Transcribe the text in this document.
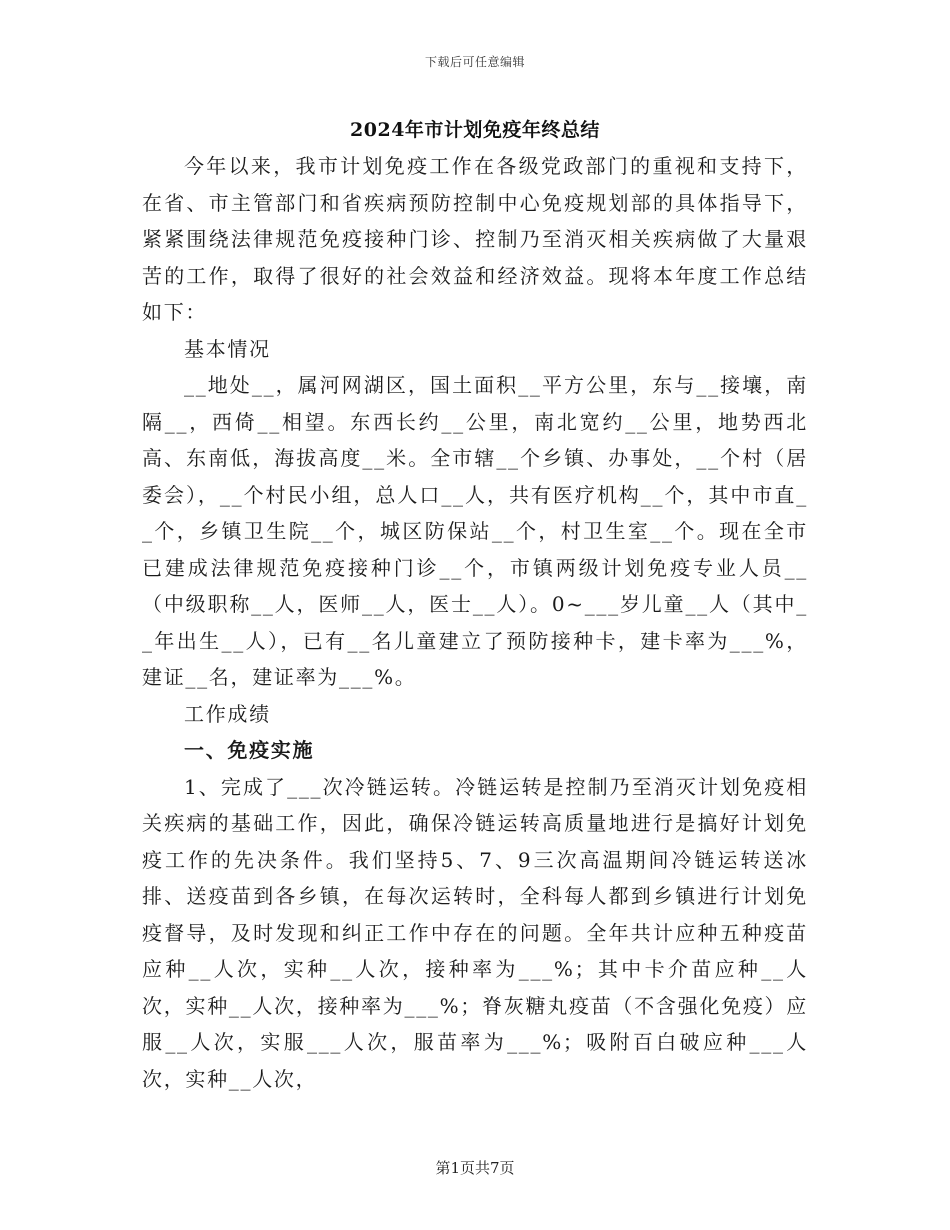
下载后可任意编辑
2024年市计划免疫年终总结

今年以来，我市计划免疫工作在各级党政部门的重视和支持下，在省、市主管部门和省疾病预防控制中心免疫规划部的具体指导下，紧紧围绕法律规范免疫接种门诊、控制乃至消灭相关疾病做了大量艰苦的工作，取得了很好的社会效益和经济效益。现将本年度工作总结如下：

基本情况

__地处__，属河网湖区，国土面积__平方公里，东与__接壤，南隔__，西倚__相望。东西长约__公里，南北宽约__公里，地势西北高、东南低，海拔高度__米。全市辖__个乡镇、办事处，__个村（居委会），__个村民小组，总人口__人，共有医疗机构__个，其中市直__个，乡镇卫生院__个，城区防保站__个，村卫生室__个。现在全市已建成法律规范免疫接种门诊__个，市镇两级计划免疫专业人员__（中级职称__人，医师__人，医士__人）。0~___岁儿童__人（其中__年出生__人），已有__名儿童建立了预防接种卡，建卡率为___%，建证__名，建证率为___%。

工作成绩

一、免疫实施

1、完成了___次冷链运转。冷链运转是控制乃至消灭计划免疫相关疾病的基础工作，因此，确保冷链运转高质量地进行是搞好计划免疫工作的先决条件。我们坚持5、7、9三次高温期间冷链运转送冰排、送疫苗到各乡镇，在每次运转时，全科每人都到乡镇进行计划免疫督导，及时发现和纠正工作中存在的问题。全年共计应种五种疫苗应种__人次，实种__人次，接种率为___%；其中卡介苗应种__人次，实种__人次，接种率为___%；脊灰糖丸疫苗（不含强化免疫）应服__人次，实服___人次，服苗率为___%；吸附百白破应种___人次，实种__人次，

第1页共7页
